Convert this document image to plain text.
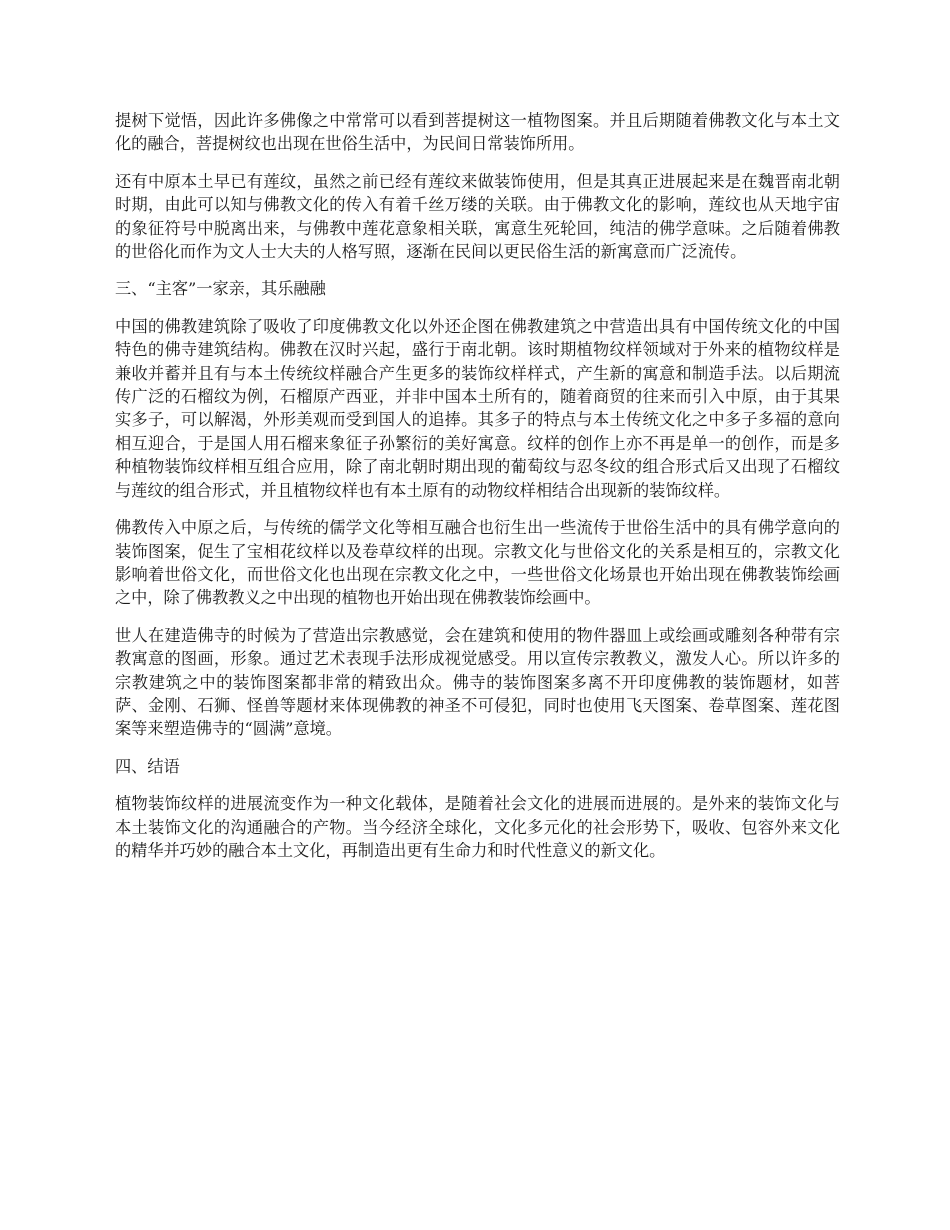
提树下觉悟，因此许多佛像之中常常可以看到菩提树这一植物图案。并且后期随着佛教文化与本土文化的融合，菩提树纹也出现在世俗生活中，为民间日常装饰所用。

还有中原本土早已有莲纹，虽然之前已经有莲纹来做装饰使用，但是其真正进展起来是在魏晋南北朝时期，由此可以知与佛教文化的传入有着千丝万缕的关联。由于佛教文化的影响，莲纹也从天地宇宙的象征符号中脱离出来，与佛教中莲花意象相关联，寓意生死轮回，纯洁的佛学意味。之后随着佛教的世俗化而作为文人士大夫的人格写照，逐渐在民间以更民俗生活的新寓意而广泛流传。

三、“主客”一家亲，其乐融融

中国的佛教建筑除了吸收了印度佛教文化以外还企图在佛教建筑之中营造出具有中国传统文化的中国特色的佛寺建筑结构。佛教在汉时兴起，盛行于南北朝。该时期植物纹样领域对于外来的植物纹样是兼收并蓄并且有与本土传统纹样融合产生更多的装饰纹样样式，产生新的寓意和制造手法。以后期流传广泛的石榴纹为例，石榴原产西亚，并非中国本土所有的，随着商贸的往来而引入中原，由于其果实多子，可以解渴，外形美观而受到国人的追捧。其多子的特点与本土传统文化之中多子多福的意向相互迎合，于是国人用石榴来象征子孙繁衍的美好寓意。纹样的创作上亦不再是单一的创作，而是多种植物装饰纹样相互组合应用，除了南北朝时期出现的葡萄纹与忍冬纹的组合形式后又出现了石榴纹与莲纹的组合形式，并且植物纹样也有本土原有的动物纹样相结合出现新的装饰纹样。

佛教传入中原之后，与传统的儒学文化等相互融合也衍生出一些流传于世俗生活中的具有佛学意向的装饰图案，促生了宝相花纹样以及卷草纹样的出现。宗教文化与世俗文化的关系是相互的，宗教文化影响着世俗文化，而世俗文化也出现在宗教文化之中，一些世俗文化场景也开始出现在佛教装饰绘画之中，除了佛教教义之中出现的植物也开始出现在佛教装饰绘画中。

世人在建造佛寺的时候为了营造出宗教感觉，会在建筑和使用的物件器皿上或绘画或雕刻各种带有宗教寓意的图画，形象。通过艺术表现手法形成视觉感受。用以宣传宗教教义，激发人心。所以许多的宗教建筑之中的装饰图案都非常的精致出众。佛寺的装饰图案多离不开印度佛教的装饰题材，如菩萨、金刚、石狮、怪兽等题材来体现佛教的神圣不可侵犯，同时也使用飞天图案、卷草图案、莲花图案等来塑造佛寺的“圆满”意境。

四、结语

植物装饰纹样的进展流变作为一种文化载体，是随着社会文化的进展而进展的。是外来的装饰文化与本土装饰文化的沟通融合的产物。当今经济全球化，文化多元化的社会形势下，吸收、包容外来文化的精华并巧妙的融合本土文化，再制造出更有生命力和时代性意义的新文化。
